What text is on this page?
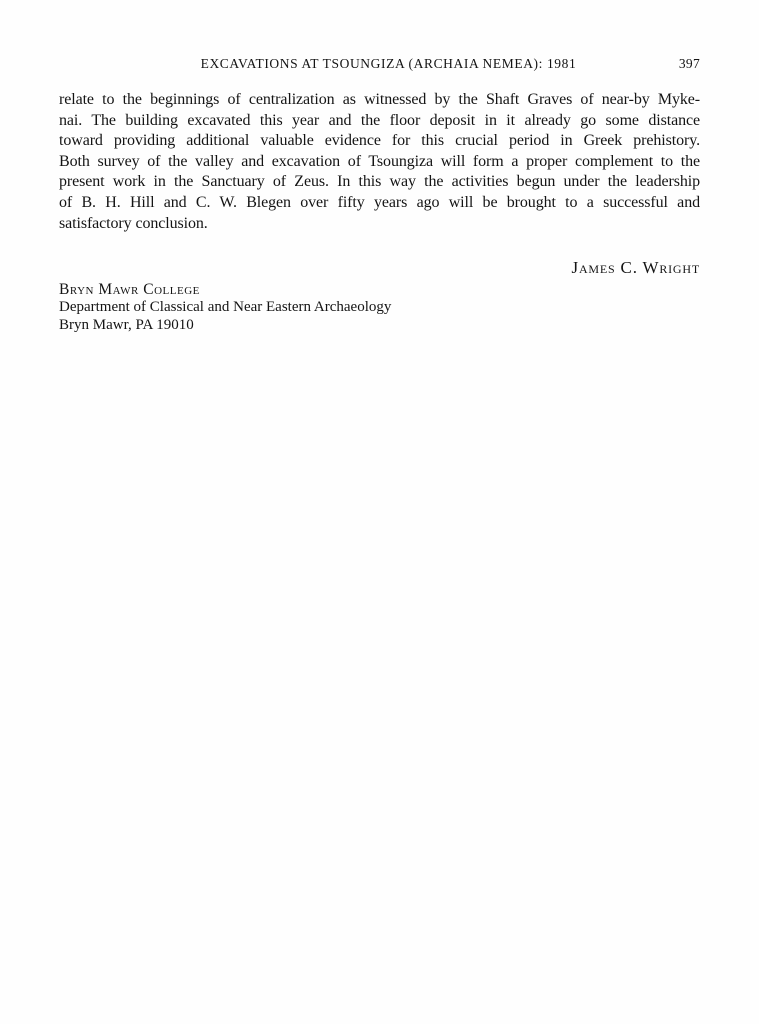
EXCAVATIONS AT TSOUNGIZA (ARCHAIA NEMEA): 1981	397
relate to the beginnings of centralization as witnessed by the Shaft Graves of near-by Myke-
nai. The building excavated this year and the floor deposit in it already go some distance
toward providing additional valuable evidence for this crucial period in Greek prehistory.
Both survey of the valley and excavation of Tsoungiza will form a proper complement to the
present work in the Sanctuary of Zeus. In this way the activities begun under the leadership
of B. H. Hill and C. W. Blegen over fifty years ago will be brought to a successful and
satisfactory conclusion.
James C. Wright
Bryn Mawr College
Department of Classical and Near Eastern Archaeology
Bryn Mawr, PA 19010
